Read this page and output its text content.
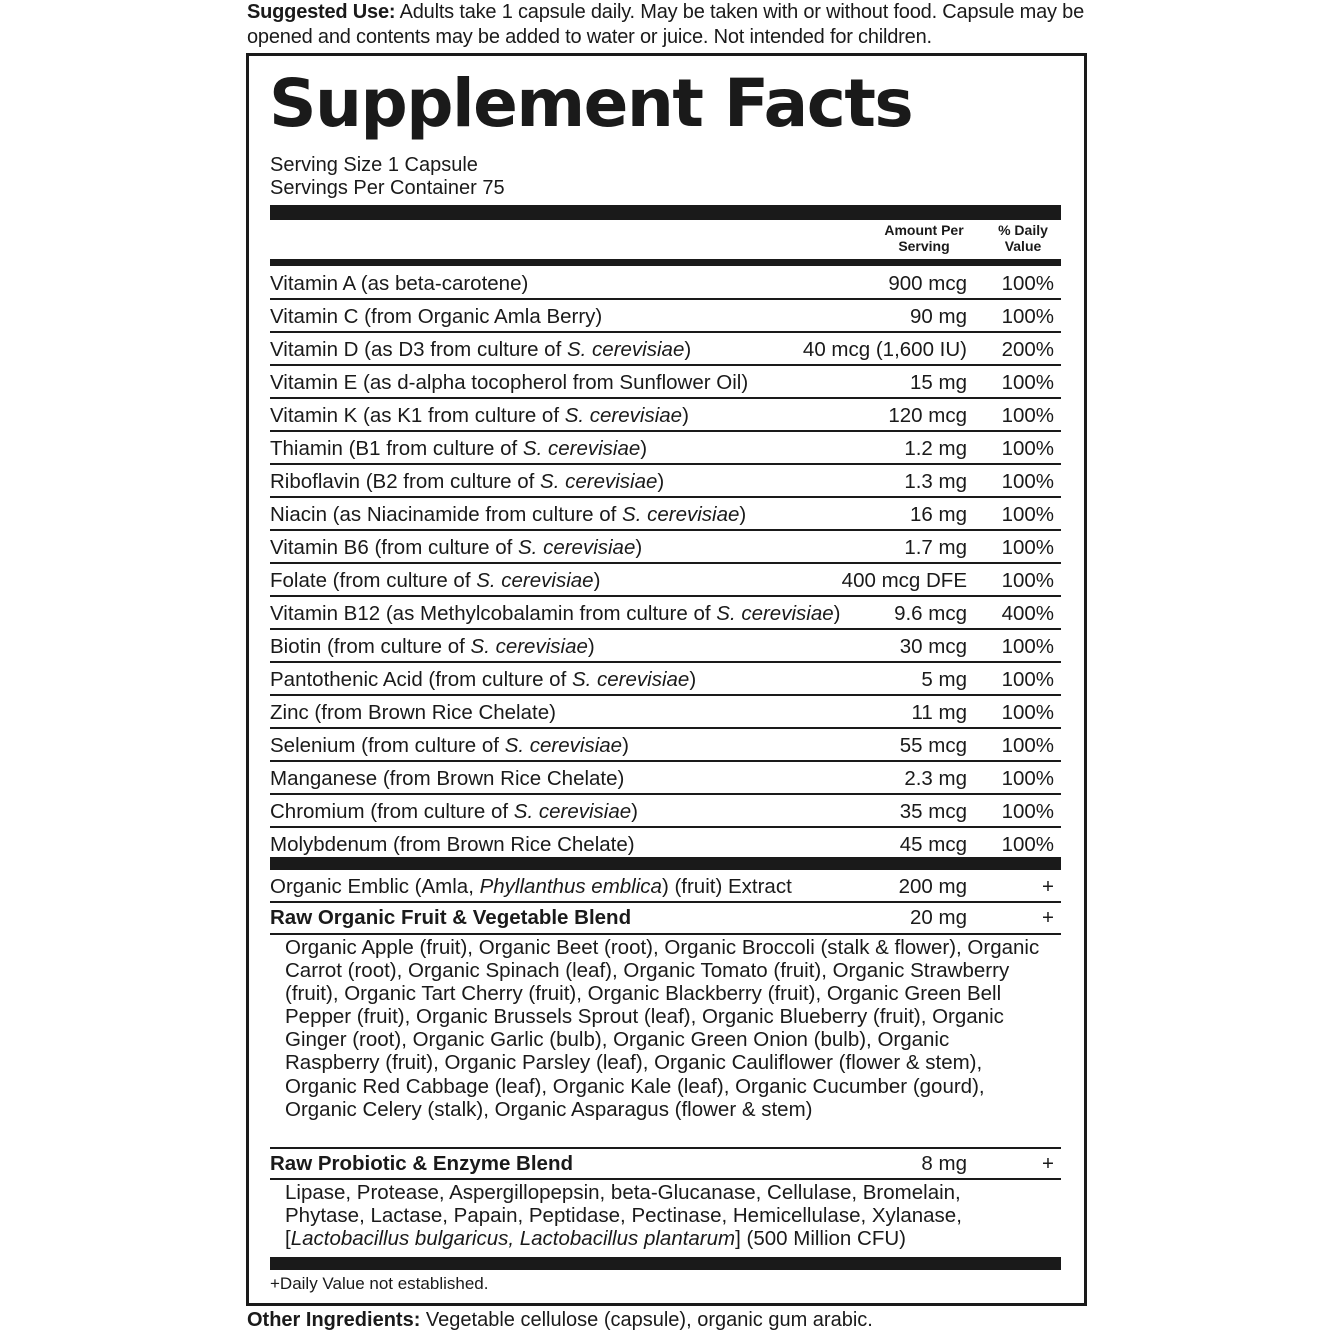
Suggested Use: Adults take 1 capsule daily. May be taken with or without food. Capsule may be opened and contents may be added to water or juice. Not intended for children.
Supplement Facts
Serving Size 1 Capsule
Servings Per Container 75
Amount Per Serving
% Daily Value
Vitamin A (as beta-carotene)	900 mcg 100%
Vitamin C (from Organic Amla Berry)	90 mg 100%
Vitamin D (as D3 from culture of S. cerevisiae)	40 mcg (1,600 IU) 200%
Vitamin E (as d-alpha tocopherol from Sunflower Oil)	15 mg 100%
Vitamin K (as K1 from culture of S. cerevisiae)	120 mcg 100%
Thiamin (B1 from culture of S. cerevisiae)	1.2 mg 100%
Riboflavin (B2 from culture of S. cerevisiae)	1.3 mg 100%
Niacin (as Niacinamide from culture of S. cerevisiae)	16 mg 100%
Vitamin B6 (from culture of S. cerevisiae)	1.7 mg 100%
Folate (from culture of S. cerevisiae)	400 mcg DFE 100%
Vitamin B12 (as Methylcobalamin from culture of S. cerevisiae)	9.6 mcg 400%
Biotin (from culture of S. cerevisiae)	30 mcg 100%
Pantothenic Acid (from culture of S. cerevisiae)	5 mg 100%
Zinc (from Brown Rice Chelate)	11 mg 100%
Selenium (from culture of S. cerevisiae)	55 mcg 100%
Manganese (from Brown Rice Chelate)	2.3 mg 100%
Chromium (from culture of S. cerevisiae)	35 mcg 100%
Molybdenum (from Brown Rice Chelate)	45 mcg 100%
Organic Emblic (Amla, Phyllanthus emblica) (fruit) Extract	200 mg	+
Raw Organic Fruit & Vegetable Blend	20 mg	+
Organic Apple (fruit), Organic Beet (root), Organic Broccoli (stalk & flower), Organic Carrot (root), Organic Spinach (leaf), Organic Tomato (fruit), Organic Strawberry (fruit), Organic Tart Cherry (fruit), Organic Blackberry (fruit), Organic Green Bell Pepper (fruit), Organic Brussels Sprout (leaf), Organic Blueberry (fruit), Organic Ginger (root), Organic Garlic (bulb), Organic Green Onion (bulb), Organic Raspberry (fruit), Organic Parsley (leaf), Organic Cauliflower (flower & stem), Organic Red Cabbage (leaf), Organic Kale (leaf), Organic Cucumber (gourd), Organic Celery (stalk), Organic Asparagus (flower & stem)
Raw Probiotic & Enzyme Blend	8 mg	+
Lipase, Protease, Aspergillopepsin, beta-Glucanase, Cellulase, Bromelain, Phytase, Lactase, Papain, Peptidase, Pectinase, Hemicellulase, Xylanase, [Lactobacillus bulgaricus, Lactobacillus plantarum] (500 Million CFU)
+Daily Value not established.
Other Ingredients: Vegetable cellulose (capsule), organic gum arabic.
